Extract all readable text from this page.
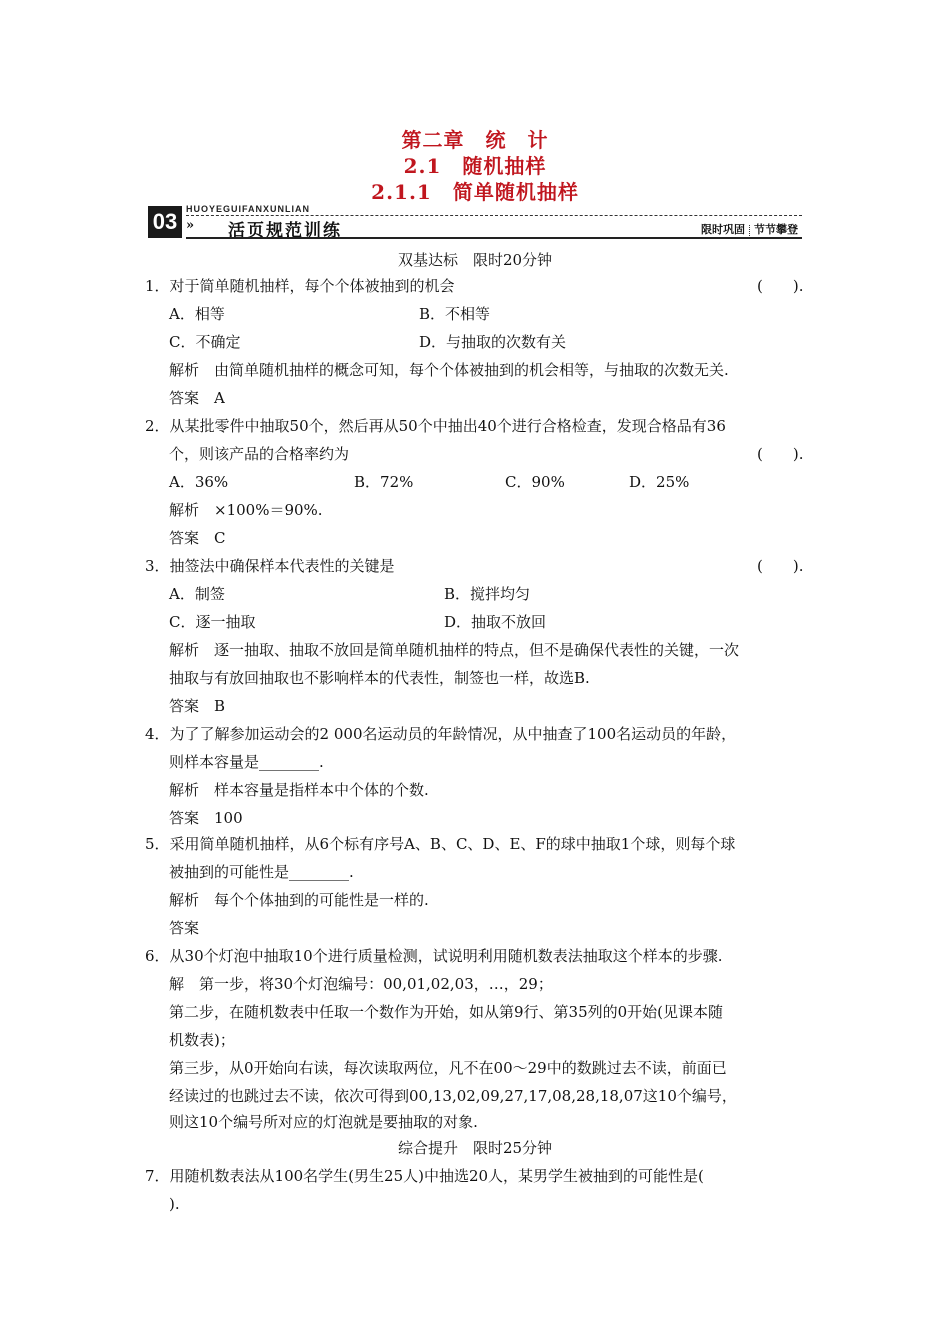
第二章　统　计
2.1　随机抽样
2.1.1　简单随机抽样
HUOYEGUIFANXUNLIAN
03 » 活页规范训练	限时巩固 节节攀登
双基达标　限时20分钟
1．对于简单随机抽样，每个个体被抽到的机会	(　　).
A．相等	B．不相等
C．不确定	D．与抽取的次数有关
解析　由简单随机抽样的概念可知，每个个体被抽到的机会相等，与抽取的次数无关.
答案　A
2．从某批零件中抽取50个，然后再从50个中抽出40个进行合格检查，发现合格品有36
个，则该产品的合格率约为	(　　).
A．36%	B．72%	C．90%	D．25%
解析　×100%＝90%.
答案　C
3．抽签法中确保样本代表性的关键是	(　　).
A．制签	B．搅拌均匀
C．逐一抽取	D．抽取不放回
解析　逐一抽取、抽取不放回是简单随机抽样的特点，但不是确保代表性的关键，一次
抽取与有放回抽取也不影响样本的代表性，制签也一样，故选B.
答案　B
4．为了了解参加运动会的2 000名运动员的年龄情况，从中抽查了100名运动员的年龄，
则样本容量是________.
解析　样本容量是指样本中个体的个数.
答案　100
5．采用简单随机抽样，从6个标有序号A、B、C、D、E、F的球中抽取1个球，则每个球
被抽到的可能性是________.
解析　每个个体抽到的可能性是一样的.
答案
6．从30个灯泡中抽取10个进行质量检测，试说明利用随机数表法抽取这个样本的步骤.
解　第一步，将30个灯泡编号：00,01,02,03，…，29；
第二步，在随机数表中任取一个数作为开始，如从第9行、第35列的0开始(见课本随
机数表)；
第三步，从0开始向右读，每次读取两位，凡不在00～29中的数跳过去不读，前面已
经读过的也跳过去不读，依次可得到00,13,02,09,27,17,08,28,18,07这10个编号，
则这10个编号所对应的灯泡就是要抽取的对象.
综合提升　限时25分钟
7．用随机数表法从100名学生(男生25人)中抽选20人，某男学生被抽到的可能性是(
).
